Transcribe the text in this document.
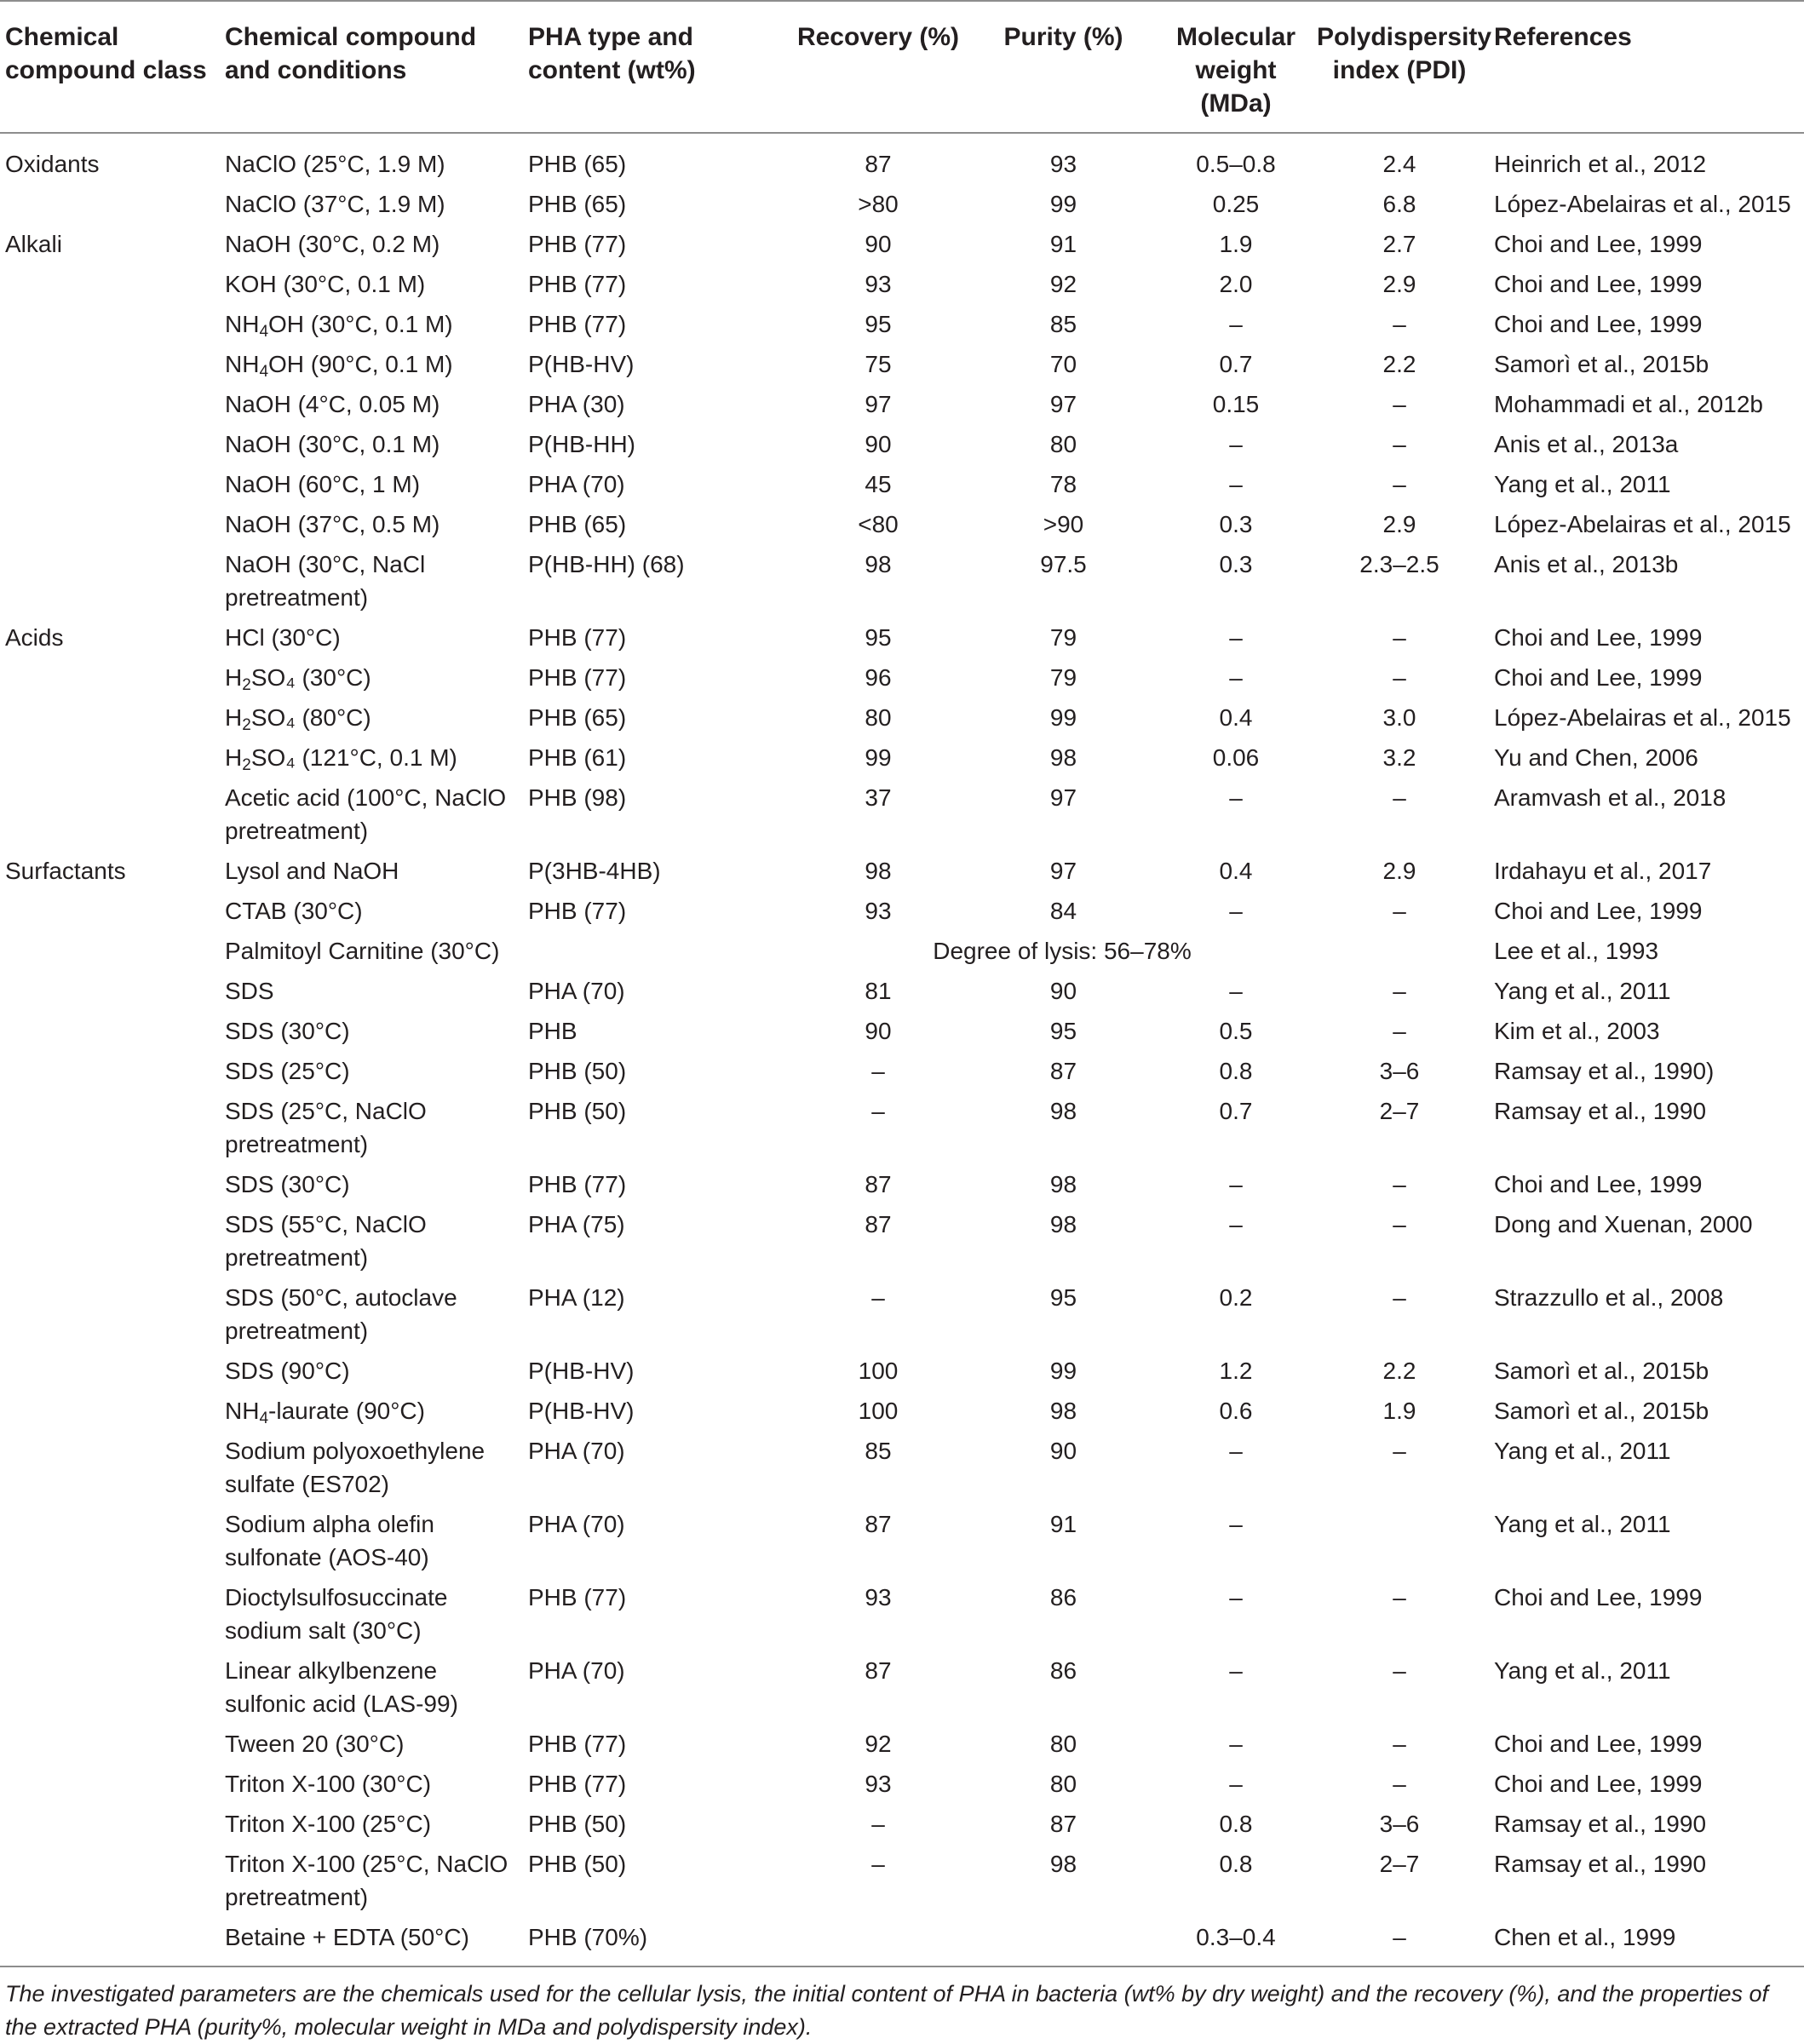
Chemical compound class	Chemical compound and conditions	PHA type and content (wt%)	Recovery (%)	Purity (%)	Molecular weight (MDa)	Polydispersity index (PDI)	References
Oxidants	NaClO (25°C, 1.9 M)	PHB (65)	87	93	0.5–0.8	2.4	Heinrich et al., 2012
	NaClO (37°C, 1.9 M)	PHB (65)	>80	99	0.25	6.8	López-Abelairas et al., 2015
Alkali	NaOH (30°C, 0.2 M)	PHB (77)	90	91	1.9	2.7	Choi and Lee, 1999
	KOH (30°C, 0.1 M)	PHB (77)	93	92	2.0	2.9	Choi and Lee, 1999
	$NH_4OH$ (30°C, 0.1 M)	PHB (77)	95	85	–	–	Choi and Lee, 1999
	$NH_4OH$ (90°C, 0.1 M)	P(HB-HV)	75	70	0.7	2.2	Samorì et al., 2015b
	NaOH (4°C, 0.05 M)	PHA (30)	97	97	0.15	–	Mohammadi et al., 2012b
	NaOH (30°C, 0.1 M)	P(HB-HH)	90	80	–	–	Anis et al., 2013a
	NaOH (60°C, 1 M)	PHA (70)	45	78	–	–	Yang et al., 2011
	NaOH (37°C, 0.5 M)	PHB (65)	<80	>90	0.3	2.9	López-Abelairas et al., 2015
	NaOH (30°C, NaCl pretreatment)	P(HB-HH) (68)	98	97.5	0.3	2.3–2.5	Anis et al., 2013b
Acids	HCl (30°C)	PHB (77)	95	79	–	–	Choi and Lee, 1999
	$H_2SO_4$ (30°C)	PHB (77)	96	79	–	–	Choi and Lee, 1999
	$H_2SO_4$ (80°C)	PHB (65)	80	99	0.4	3.0	López-Abelairas et al., 2015
	$H_2SO_4$ (121°C, 0.1 M)	PHB (61)	99	98	0.06	3.2	Yu and Chen, 2006
	Acetic acid (100°C, NaClO pretreatment)	PHB (98)	37	97	–	–	Aramvash et al., 2018
Surfactants	Lysol and NaOH	P(3HB-4HB)	98	97	0.4	2.9	Irdahayu et al., 2017
	CTAB (30°C)	PHB (77)	93	84	–	–	Choi and Lee, 1999
	Palmitoyl Carnitine (30°C)	Degree of lysis: 56–78%					Lee et al., 1993
	SDS	PHA (70)	81	90	–	–	Yang et al., 2011
	SDS (30°C)	PHB	90	95	0.5	–	Kim et al., 2003
	SDS (25°C)	PHB (50)	–	87	0.8	3–6	Ramsay et al., 1990)
	SDS (25°C, NaClO pretreatment)	PHB (50)	–	98	0.7	2–7	Ramsay et al., 1990
	SDS (30°C)	PHB (77)	87	98	–	–	Choi and Lee, 1999
	SDS (55°C, NaClO pretreatment)	PHA (75)	87	98	–	–	Dong and Xuenan, 2000
	SDS (50°C, autoclave pretreatment)	PHA (12)	–	95	0.2	–	Strazzullo et al., 2008
	SDS (90°C)	P(HB-HV)	100	99	1.2	2.2	Samorì et al., 2015b
	$NH_4$-laurate (90°C)	P(HB-HV)	100	98	0.6	1.9	Samorì et al., 2015b
	Sodium polyoxoethylene sulfate (ES702)	PHA (70)	85	90	–	–	Yang et al., 2011
	Sodium alpha olefin sulfonate (AOS-40)	PHA (70)	87	91	–		Yang et al., 2011
	Dioctylsulfosuccinate sodium salt (30°C)	PHB (77)	93	86	–	–	Choi and Lee, 1999
	Linear alkylbenzene sulfonic acid (LAS-99)	PHA (70)	87	86	–	–	Yang et al., 2011
	Tween 20 (30°C)	PHB (77)	92	80	–	–	Choi and Lee, 1999
	Triton X-100 (30°C)	PHB (77)	93	80	–	–	Choi and Lee, 1999
	Triton X-100 (25°C)	PHB (50)	–	87	0.8	3–6	Ramsay et al., 1990
	Triton X-100 (25°C, NaClO pretreatment)	PHB (50)	–	98	0.8	2–7	Ramsay et al., 1990
	Betaine + EDTA (50°C)	PHB (70%)			0.3–0.4	–	Chen et al., 1999
The investigated parameters are the chemicals used for the cellular lysis, the initial content of PHA in bacteria (wt% by dry weight) and the recovery (%), and the properties of the extracted PHA (purity%, molecular weight in MDa and polydispersity index).
